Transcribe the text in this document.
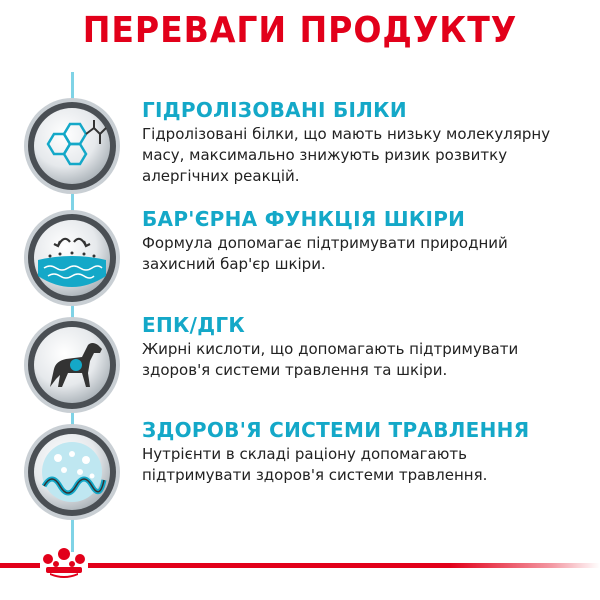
ПЕРЕВАГИ ПРОДУКТУ
ГІДРОЛІЗОВАНІ БІЛКИ
Гідролізовані білки, що мають низьку молекулярну
масу, максимально знижують ризик розвитку
алергічних реакцій.
БАР'ЄРНА ФУНКЦІЯ ШКІРИ
Формула допомагає підтримувати природний
захисний бар'єр шкіри.
ЕПК/ДГК
Жирні кислоти, що допомагають підтримувати
здоров'я системи травлення та шкіри.
ЗДОРОВ'Я СИСТЕМИ ТРАВЛЕННЯ
Нутрієнти в складі раціону допомагають
підтримувати здоров'я системи травлення.
